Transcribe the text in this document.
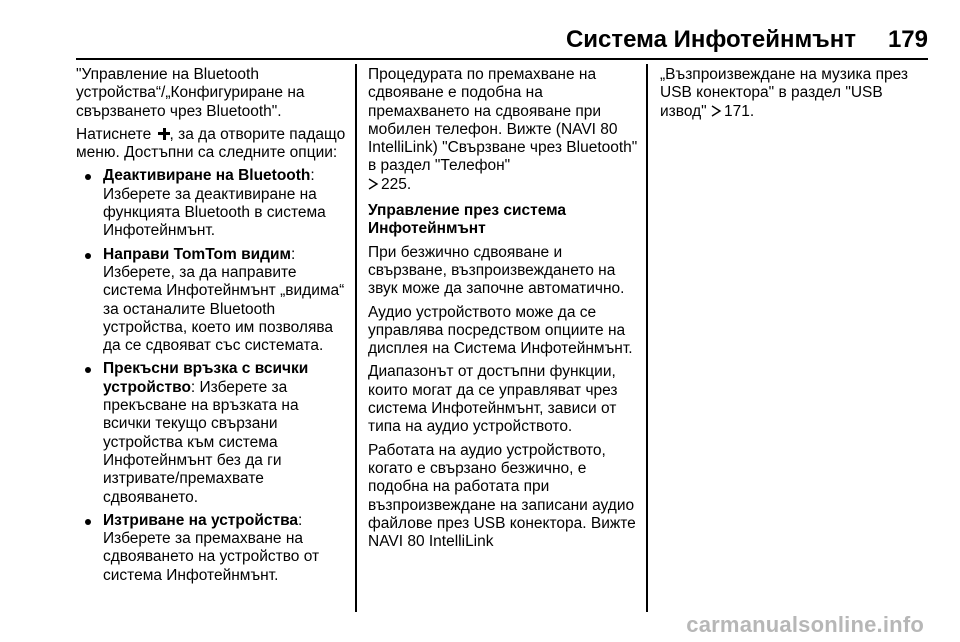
Система Инфотейнмънт 179

"Управление на Bluetooth устройства“/„Конфигуриране на свързването чрез Bluetooth".

Натиснете , за да отворите падащо меню. Достъпни са следните опции:

Деактивиране на Bluetooth: Изберете за деактивиране на функцията Bluetooth в система Инфотейнмънт.
Направи TomTom видим: Изберете, за да направите система Инфотейнмънт „видима“ за останалите Bluetooth устройства, което им позволява да се сдвояват със системата.
Прекъсни връзка с всички устройство: Изберете за прекъсване на връзката на всички текущо свързани устройства към система Инфотейнмънт без да ги изтривате/премахвате сдвояването.
Изтриване на устройства: Изберете за премахване на сдвояването на устройство от система Инфотейнмънт.

Процедурата по премахване на сдвояване е подобна на премахването на сдвояване при мобилен телефон. Вижте (NAVI 80 IntelliLink) "Свързване чрез Bluetooth" в раздел "Телефон"

225.

Управление през система Инфотейнмънт

При безжично сдвояване и свързване, възпроизвеждането на звук може да започне автоматично.

Аудио устройството може да се управлява посредством опциите на дисплея на Система Инфотейнмънт.

Диапазонът от достъпни функции, които могат да се управляват чрез система Инфотейнмънт, зависи от типа на аудио устройството.

Работата на аудио устройството, когато е свързано безжично, е подобна на работата при възпроизвеждане на записани аудио файлове през USB конектора. Вижте NAVI 80 IntelliLink

„Възпроизвеждане на музика през USB конектора" в раздел "USB извод" 171.

carmanualsonline.info
